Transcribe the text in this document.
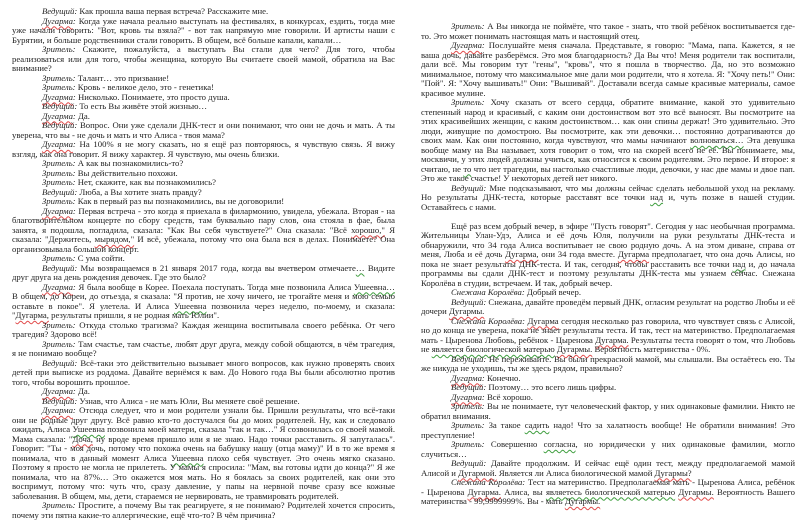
Ведущий: Как прошла ваша первая встреча? Расскажите мне.

Дугарма: Когда уже начала реально выступать на фестивалях, в конкурсах, ездить, тогда мне уже начали говорить: "Вот, кровь ты взяла?" - вот так напрямую мне говорили. И артисты наши с Бурятии, и больше родственники стали говорить. В общем, всё больше капали, капали…

Зритель: Скажите, пожалуйста, а выступать Вы стали для чего? Для того, чтобы реализоваться или для того, чтобы женщина, которую Вы считаете своей мамой, обратила на Вас внимание?

Зритель: Талант… это призвание!

Зритель: Кровь - великое дело, это - генетика!

Дугарма: Нисколько. Понимаете, это просто душа.

Ведущий: То есть Вы живёте этой жизнью…

Дугарма: Да.

Ведущий: Вопрос. Они уже сделали ДНК-тест и они понимают, что они не дочь и мать. А ты уверена, что вы - не дочь и мать и что Алиса - твоя мама?

Дугарма: На 100% я не могу сказать, но я ещё раз повторяюсь, я чувствую связь. Я вижу взгляд, как она говорит. Я вижу характер. Я чувствую, мы очень близки.

Зритель: А как вы познакомились-то?

Зритель: Вы действительно похожи.

Зритель: Нет, скажите, как вы познакомились?

Ведущий: Люба, а Вы хотите знать правду?

Зритель: Как в первый раз вы познакомились, вы не договорили!

Дугарма: Первая встреча - это когда я приехала в филармонию, увидела, убежала. Вторая - на благотворительном концерте по сбору средств, там буквально пару слов, она стояла в фае, была занята, я подошла, погладила, сказала: "Как Вы себя чувствуете?" Она сказала: "Всё хорошо," Я сказала: "Держитесь, мырядом," И всё, убежала, потому что она была вся в делах. Понимаете? Она организовывала большой концерт.

Зритель: С ума сойти.

Ведущий: Мы возвращаемся в 21 января 2017 года, когда вы вчетвером отмечаете… Видите друг друга на день рождения девочек. Где это было?

Дугарма: Я была вообще в Корее. Поехала поступать. Тогда мне позвонила Алиса Ушеевна… В общем, до Кореи, до отъезда, я сказала: "Я против, не хочу ничего, не трогайте меня и мою семью оставьте в покое". Я улетела. И Алиса Ушеевна позвонила через неделю, по-моему, и сказала: "Дугарма, результаты пришли, я не родная мать Юлии".

Зритель: Откуда столько трагизма? Каждая женщина воспитывала своего ребёнка. От чего трагедия? Здорово всё!

Зритель: Там счастье, там счастье, любят друг друга, между собой общаются, в чём трагедия, я не понимаю вообще?

Ведущий: Всё-таки это действительно вызывает много вопросов, как нужно проверять своих детей при выписке из роддома. Давайте вернёмся к вам. До Нового года Вы были абсолютно против того, чтобы ворошить прошлое.

Дугарма: Да.

Ведущий: Узнав, что Алиса - не мать Юли, Вы меняете своё решение.

Дугарма: Отсюда следует, что и мои родители узнали бы. Пришли результаты, что всё-таки они не родные друг другу. Всё равно кто-то достучался бы до моих родителей. Ну, как и следовало ожидать, Алиса Ушеевна позвонила моей матери, сказала "так и так…" Я созвонилась со своей мамой. Мама сказала: "Доча, ну вроде время пришло или я не знаю. Надо точки расставить. Я запуталась". Говорит: "Ты - моя дочь, потому что похожа очень на бабушку нашу (отца маму)" И в то же время я понимала, что в данный момент Алиса Ушеевна плохо себя чувствует. Это очень мягко сказано. Поэтому я просто не могла не прилететь. У мамы я спросила: "Мам, вы готовы идти до конца?" Я же понимала, что на 87%… Это окажется моя мать. Но я боялась за своих родителей, как они это воспримут, потому что: чуть что, сразу давление, у папы на нервной почве сразу все кожные заболевания. В общем, мы, дети, стараемся не нервировать, не травмировать родителей.

Зритель: Простите, а почему Вы так реагируете, я не понимаю? Родителей хочется спросить, почему эти пятна какие-то аллергические, ещё что-то? В чём причина?

Зритель: А Вы никогда не поймёте, что такое - знать, что твой ребёнок воспитывается где-то. Это может понимать настоящая мать и настоящий отец.

Дугарма: Послушайте меня сначала. Представьте, я говорю: "Мама, папа. Кажется, я не ваша дочь, давайте разберёмся. Это моя благодарность? Да Вы что! Меня родители так воспитали, дали всё. Мы говорим тут "гены", "кровь", что я пошла в творчество. Да, но это возможно минимальное, потому что максимальное мне дали мои родители, что я хотела. Я: "Хочу петь!" Они: "Пой". Я: "Хочу вышивать!" Они: "Вышивай". Доставали всегда самые красивые материалы, самое красивое мулине.

Зритель: Хочу сказать от всего сердца, обратите внимание, какой это удивительно степенный народ и красивый, с каким они достоинством вот это всё выносят. Вы посмотрите на этих красивейших женщин, с каким достоинством… как они спины держат! Это удивительно. Это люди, живущие по домострою. Вы посмотрите, как эти девочки… постоянно дотрагиваются до своих мам. Как они постоянно, когда чувствуют, что мамы начинают волноваться… Эта девушка вообще маму на Вы называет, хотя говорит о том, что на скорей всего не её. Вы понимаете, мы, москвичи, у этих людей должны учиться, как относится к своим родителям. Это первое. И второе: я считаю, не то что нет трагедии, вы настолько счастливые люди, девочки, у нас две мамы и двое пап. Это же такое счастье! У некоторых детей нет никого.

Ведущий: Мне подсказывают, что мы должны сейчас сделать небольшой уход на рекламу. Но результаты ДНК-теста, которые расставят все точки над и, чуть позже в нашей студии. Оставайтесь с нами.

Ещё раз всем добрый вечер, в эфире "Пусть говорят". Сегодня у нас необычная программа. Жительницы Улан-Удэ, Алиса и её дочь Юля, получили на руки результаты ДНК-теста и обнаружили, что 34 года Алиса воспитывает не свою родную дочь. А на этом диване, справа от меня, Люба и её дочь Дугарма, они 34 года вместе. Дугарма предполагает, что она дочь Алисы, но пока не знает результаты ДНК-теста. И так, сегодня, чтобы расставить все точки над и, до начала программы вы сдали ДНК-тест и поэтому результаты ДНК-теста мы узнаем сейчас. Снежана Королёва в студии, встречаем. И так, добрый вечер.

Снежана Королёва: Добрый вечер.

Ведущий: Снежана, давайте проведём первый ДНК, огласим результат на родство Любы и её дочери Дугармы.

Снежана Королёва: Дугарма сегодня несколько раз говорила, что чувствует связь с Алисой, но до конца не уверена, пока не знает результаты теста. И так, тест на материнство. Предполагаемая мать - Цыренова Любовь, ребёнок - Цыренова Дугарма. Результаты теста говорят о том, что Любовь не является биологической матерью Дугармы. Вероятность материнства - 0%.

Ведущий: Не переживайте. Вы были прекрасной мамой, мы слышали. Вы остаётесь ею. Ты же никуда не уходишь, ты же здесь рядом, правильно?

Дугарма: Конечно.

Ведущий: Поэтому… это всего лишь цифры.

Дугарма: Всё хорошо.

Зритель: Вы не понимаете, тут человеческий фактор, у них одинаковые фамилии. Никто не обратил внимания.

Зритель: За такое садить надо! Что за халатность вообще! Не обратили внимания! Это преступление!

Зритель: Совершенно согласна, но юридически у них одинаковые фамилии, могло случиться…

Ведущий: Давайте продолжим. И сейчас ещё один тест, между предполагаемой мамой Алисой и Дугармой. Является ли Алиса биологической мамой Дугармы?

Снежана Королёва: Тест на материнство. Предполагаемая мать - Цыренова Алиса, ребёнок - Цыренова Дугарма. Алиса, вы являетесь биологической матерью Дугармы. Вероятность Вашего материнства - 99,9999999%. Вы - мать Дугармы.
